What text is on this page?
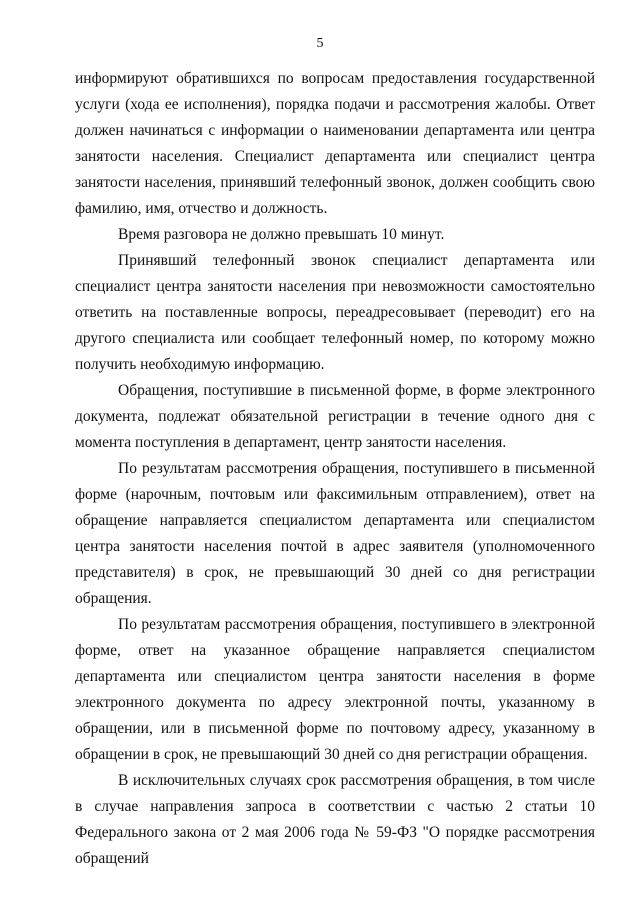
5

информируют обратившихся по вопросам предоставления государственной услуги (хода ее исполнения), порядка подачи и рассмотрения жалобы. Ответ должен начинаться с информации о наименовании департамента или центра занятости населения. Специалист департамента или специалист центра занятости населения, принявший телефонный звонок, должен сообщить свою фамилию, имя, отчество и должность.

Время разговора не должно превышать 10 минут.

Принявший телефонный звонок специалист департамента или специалист центра занятости населения при невозможности самостоятельно ответить на поставленные вопросы, переадресовывает (переводит) его на другого специалиста или сообщает телефонный номер, по которому можно получить необходимую информацию.

Обращения, поступившие в письменной форме, в форме электронного документа, подлежат обязательной регистрации в течение одного дня с момента поступления в департамент, центр занятости населения.

По результатам рассмотрения обращения, поступившего в письменной форме (нарочным, почтовым или факсимильным отправлением), ответ на обращение направляется специалистом департамента или специалистом центра занятости населения почтой в адрес заявителя (уполномоченного представителя) в срок, не превышающий 30 дней со дня регистрации обращения.

По результатам рассмотрения обращения, поступившего в электронной форме, ответ на указанное обращение направляется специалистом департамента или специалистом центра занятости населения в форме электронного документа по адресу электронной почты, указанному в обращении, или в письменной форме по почтовому адресу, указанному в обращении в срок, не превышающий 30 дней со дня регистрации обращения.

В исключительных случаях срок рассмотрения обращения, в том числе в случае направления запроса в соответствии с частью 2 статьи 10 Федерального закона от 2 мая 2006 года № 59-ФЗ "О порядке рассмотрения обращений
